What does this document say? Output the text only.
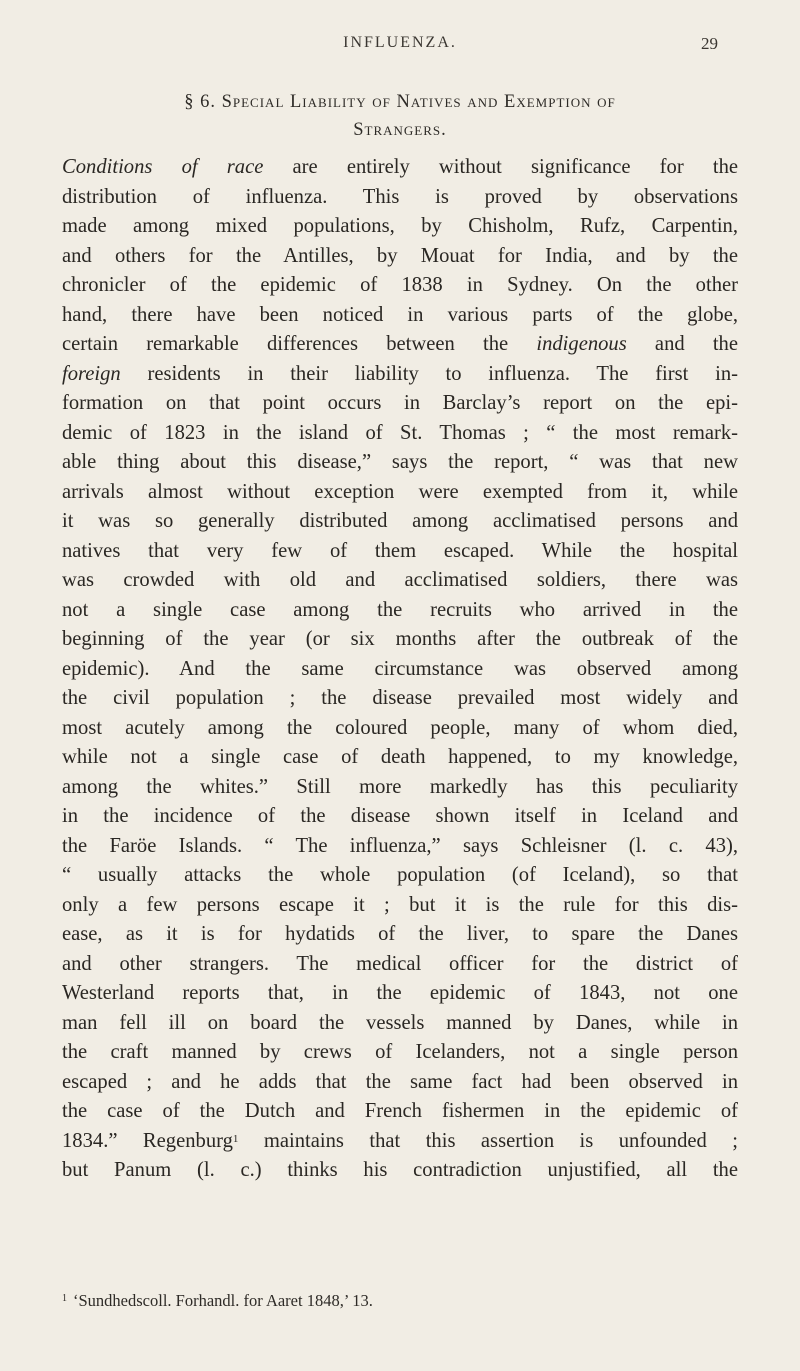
INFLUENZA.	29
§ 6. Special Liability of Natives and Exemption of
Strangers.
Conditions of race are entirely without significance for the
distribution of influenza. This is proved by observations
made among mixed populations, by Chisholm, Rufz, Carpentin,
and others for the Antilles, by Mouat for India, and by the
chronicler of the epidemic of 1838 in Sydney. On the other
hand, there have been noticed in various parts of the globe,
certain remarkable differences between the indigenous and the
foreign residents in their liability to influenza. The first in-
formation on that point occurs in Barclay’s report on the epi-
demic of 1823 in the island of St. Thomas ; “ the most remark-
able thing about this disease,” says the report, “ was that new
arrivals almost without exception were exempted from it, while
it was so generally distributed among acclimatised persons and
natives that very few of them escaped. While the hospital
was crowded with old and acclimatised soldiers, there was
not a single case among the recruits who arrived in the
beginning of the year (or six months after the outbreak of the
epidemic). And the same circumstance was observed among
the civil population ; the disease prevailed most widely and
most acutely among the coloured people, many of whom died,
while not a single case of death happened, to my knowledge,
among the whites.” Still more markedly has this peculiarity
in the incidence of the disease shown itself in Iceland and
the Faröe Islands. “ The influenza,” says Schleisner (l. c. 43),
“ usually attacks the whole population (of Iceland), so that
only a few persons escape it ; but it is the rule for this dis-
ease, as it is for hydatids of the liver, to spare the Danes
and other strangers. The medical officer for the district of
Westerland reports that, in the epidemic of 1843, not one
man fell ill on board the vessels manned by Danes, while in
the craft manned by crews of Icelanders, not a single person
escaped ; and he adds that the same fact had been observed in
the case of the Dutch and French fishermen in the epidemic of
1834.” Regenburg$^1$ maintains that this assertion is unfounded ;
but Panum (l. c.) thinks his contradiction unjustified, all the
$^1$ ‘Sundhedscoll. Forhandl. for Aaret 1848,’ 13.
